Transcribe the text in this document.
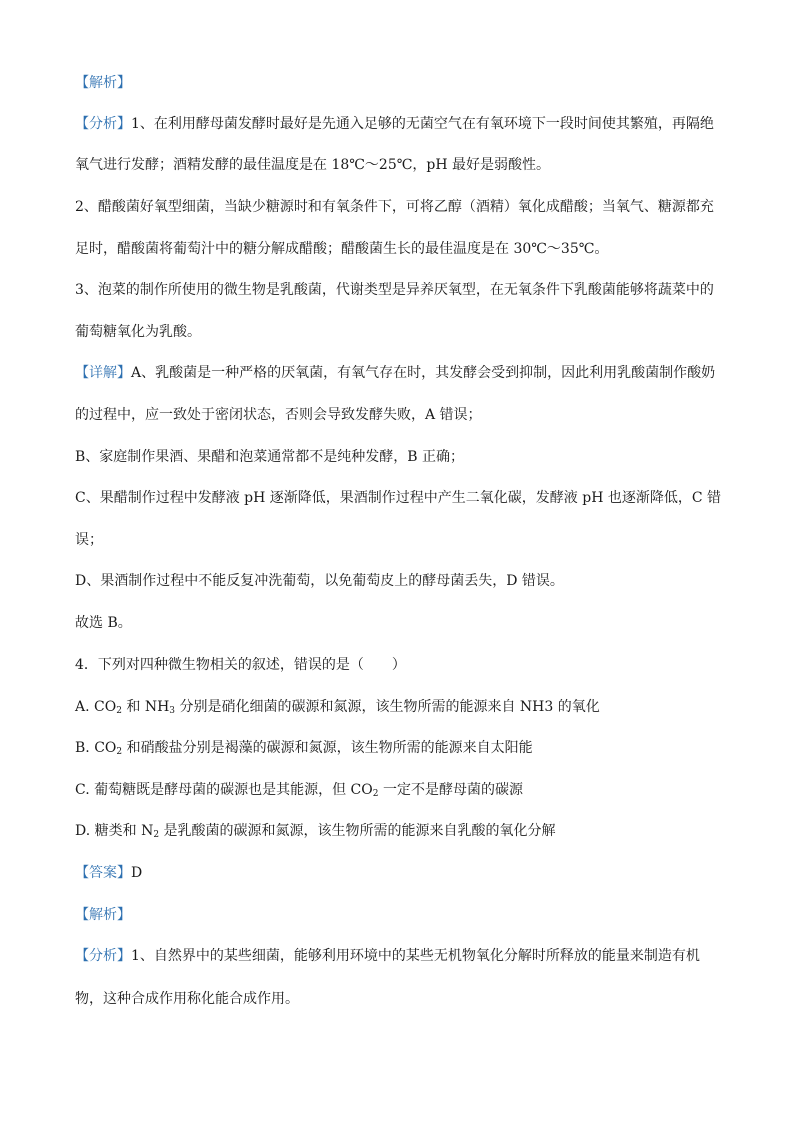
【解析】
【分析】1、在利用酵母菌发酵时最好是先通入足够的无菌空气在有氧环境下一段时间使其繁殖，再隔绝
氧气进行发酵；酒精发酵的最佳温度是在 18℃～25℃，pH 最好是弱酸性。
2、醋酸菌好氧型细菌，当缺少糖源时和有氧条件下，可将乙醇（酒精）氧化成醋酸；当氧气、糖源都充
足时，醋酸菌将葡萄汁中的糖分解成醋酸；醋酸菌生长的最佳温度是在 30℃～35℃。
3、泡菜的制作所使用的微生物是乳酸菌，代谢类型是异养厌氧型，在无氧条件下乳酸菌能够将蔬菜中的
葡萄糖氧化为乳酸。
【详解】A、乳酸菌是一种严格的厌氧菌，有氧气存在时，其发酵会受到抑制，因此利用乳酸菌制作酸奶
的过程中，应一致处于密闭状态，否则会导致发酵失败，A 错误；
B、家庭制作果酒、果醋和泡菜通常都不是纯种发酵，B 正确；
C、果醋制作过程中发酵液 pH 逐渐降低，果酒制作过程中产生二氧化碳，发酵液 pH 也逐渐降低，C 错
误；
D、果酒制作过程中不能反复冲洗葡萄，以免葡萄皮上的酵母菌丢失，D 错误。
故选 B。
4．下列对四种微生物相关的叙述，错误的是（　　）
A. $CO_2$ 和 $NH_3$ 分别是硝化细菌的碳源和氮源，该生物所需的能源来自 NH3 的氧化
B. $CO_2$ 和硝酸盐分别是褐藻的碳源和氮源，该生物所需的能源来自太阳能
C. 葡萄糖既是酵母菌的碳源也是其能源，但 $CO_2$ 一定不是酵母菌的碳源
D. 糖类和 $N_2$ 是乳酸菌的碳源和氮源，该生物所需的能源来自乳酸的氧化分解
【答案】D
【解析】
【分析】1、自然界中的某些细菌，能够利用环境中的某些无机物氧化分解时所释放的能量来制造有机
物，这种合成作用称化能合成作用。
